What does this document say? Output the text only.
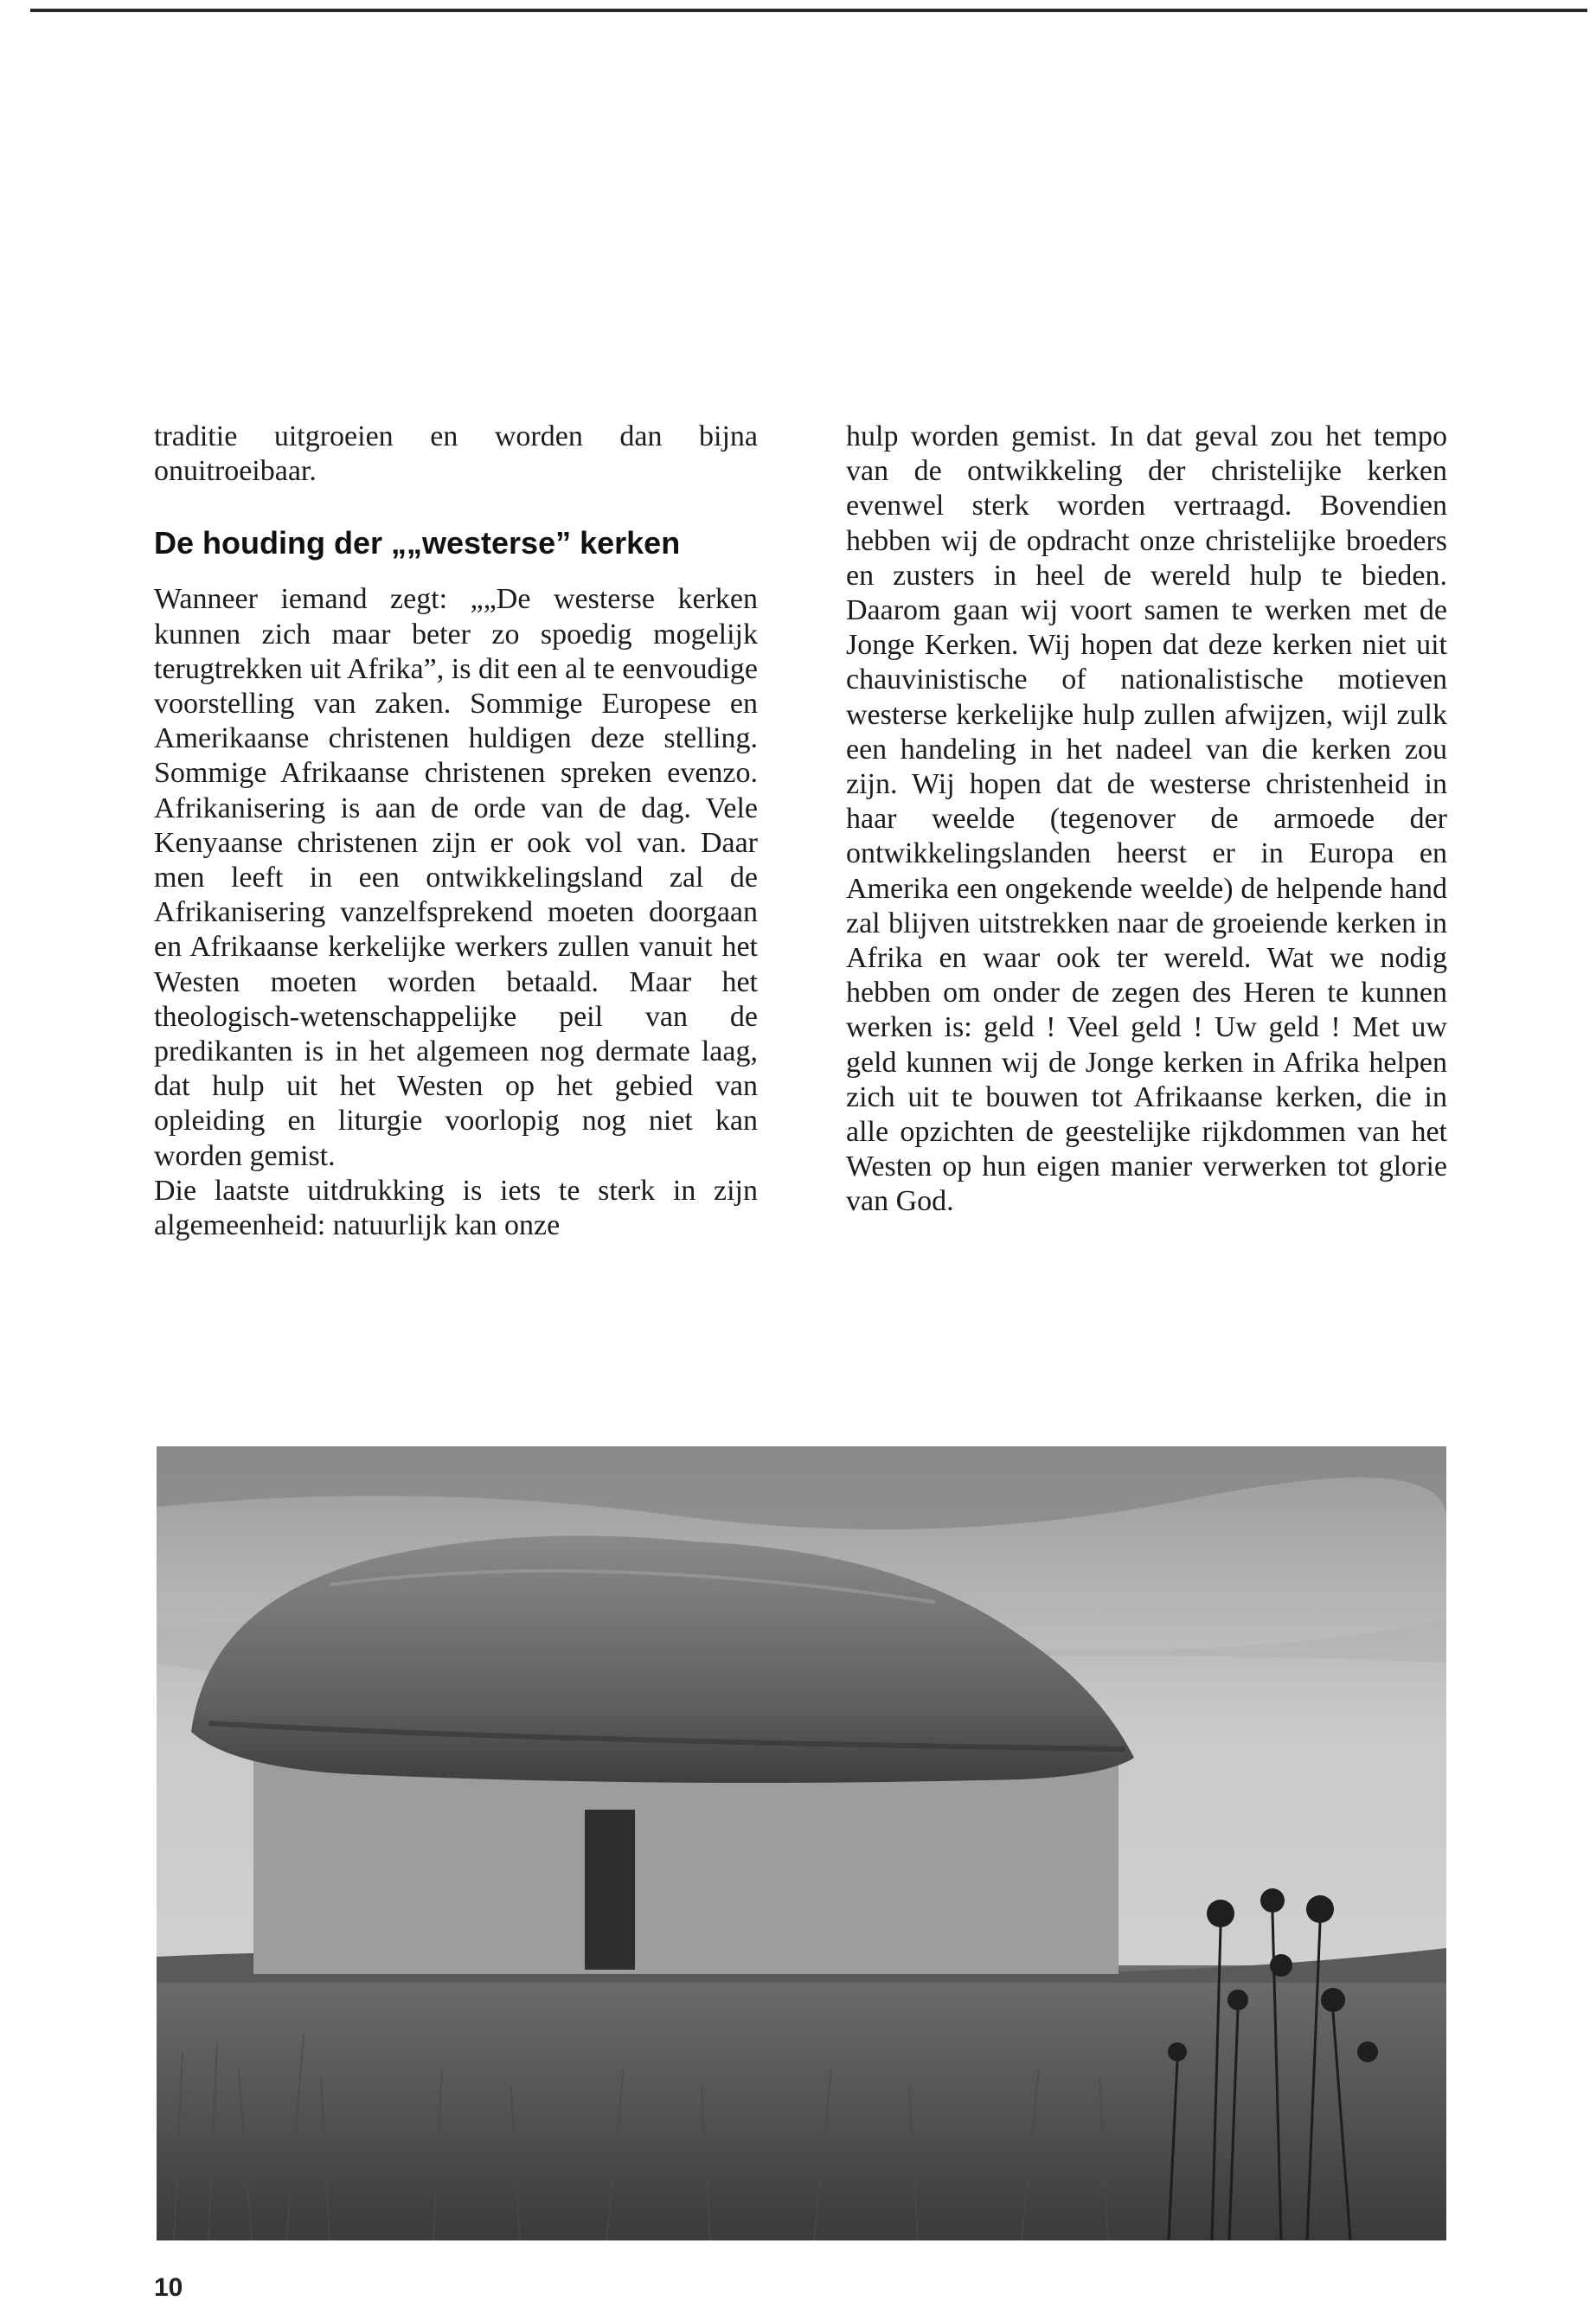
traditie uitgroeien en worden dan bijna onuitroeibaar.

De houding der „„westerse” kerken

Wanneer iemand zegt: „„De westerse kerken kunnen zich maar beter zo spoedig mogelijk terugtrekken uit Afrika”, is dit een al te eenvoudige voorstelling van zaken. Sommige Europese en Amerikaanse christenen huldigen deze stelling. Sommige Afrikaanse christenen spreken evenzo. Afrikanisering is aan de orde van de dag. Vele Kenyaanse christenen zijn er ook vol van. Daar men leeft in een ontwikkelingsland zal de Afrikanisering vanzelfsprekend moeten doorgaan en Afrikaanse kerkelijke werkers zullen vanuit het Westen moeten worden betaald. Maar het theologisch-wetenschappelijke peil van de predikanten is in het algemeen nog dermate laag, dat hulp uit het Westen op het gebied van opleiding en liturgie voorlopig nog niet kan worden gemist.

Die laatste uitdrukking is iets te sterk in zijn algemeenheid: natuurlijk kan onze

hulp worden gemist. In dat geval zou het tempo van de ontwikkeling der christelijke kerken evenwel sterk worden vertraagd. Bovendien hebben wij de opdracht onze christelijke broeders en zusters in heel de wereld hulp te bieden. Daarom gaan wij voort samen te werken met de Jonge Kerken. Wij hopen dat deze kerken niet uit chauvinistische of nationalistische motieven westerse kerkelijke hulp zullen afwijzen, wijl zulk een handeling in het nadeel van die kerken zou zijn. Wij hopen dat de westerse christenheid in haar weelde (tegenover de armoede der ontwikkelingslanden heerst er in Europa en Amerika een ongekende weelde) de helpende hand zal blijven uitstrekken naar de groeiende kerken in Afrika en waar ook ter wereld. Wat we nodig hebben om onder de zegen des Heren te kunnen werken is: geld ! Veel geld ! Uw geld ! Met uw geld kunnen wij de Jonge kerken in Afrika helpen zich uit te bouwen tot Afrikaanse kerken, die in alle opzichten de geestelijke rijkdommen van het Westen op hun eigen manier verwerken tot glorie van God.

10
